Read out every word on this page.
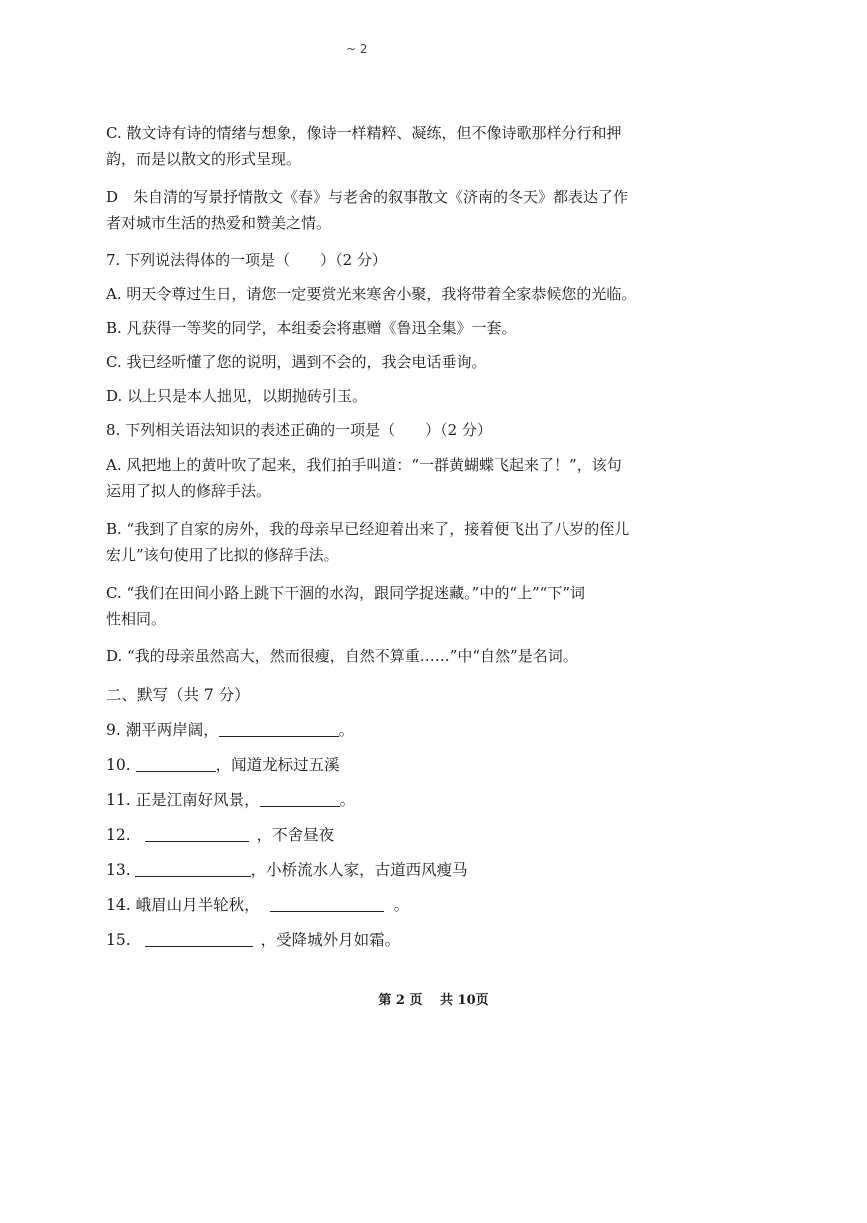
~ 2
C. 散文诗有诗的情绪与想象，像诗一样精粹、凝练，但不像诗歌那样分行和押
韵，而是以散文的形式呈现。
D　朱自清的写景抒情散文《春》与老舍的叙事散文《济南的冬天》都表达了作
者对城市生活的热爱和赞美之情。
7. 下列说法得体的一项是（　　）（2 分）
A. 明天令尊过生日，请您一定要赏光来寒舍小聚，我将带着全家恭候您的光临。
B. 凡获得一等奖的同学，本组委会将惠赠《鲁迅全集》一套。
C. 我已经听懂了您的说明，遇到不会的，我会电话垂询。
D. 以上只是本人拙见，以期抛砖引玉。
8. 下列相关语法知识的表述正确的一项是（　　）（2 分）
A. 风把地上的黄叶吹了起来，我们拍手叫道：“一群黄蝴蝶飞起来了！”，该句
运用了拟人的修辞手法。
B. “我到了自家的房外，我的母亲早已经迎着出来了，接着便飞出了八岁的侄儿
宏儿”该句使用了比拟的修辞手法。
C. “我们在田间小路上跳下干涸的水沟，跟同学捉迷藏。”中的“上”“下”词
性相同。
D. “我的母亲虽然高大，然而很瘦，自然不算重……”中“自然”是名词。
二、默写（共 7 分）
9. 潮平两岸阔，	。
10.	，闻道龙标过五溪
11. 正是江南好风景，	。
12.	，不舍昼夜
13.	，小桥流水人家，古道西风瘦马
14. 峨眉山月半轮秋，	。
15.	，受降城外月如霜。
第 2 页　 共 10页
